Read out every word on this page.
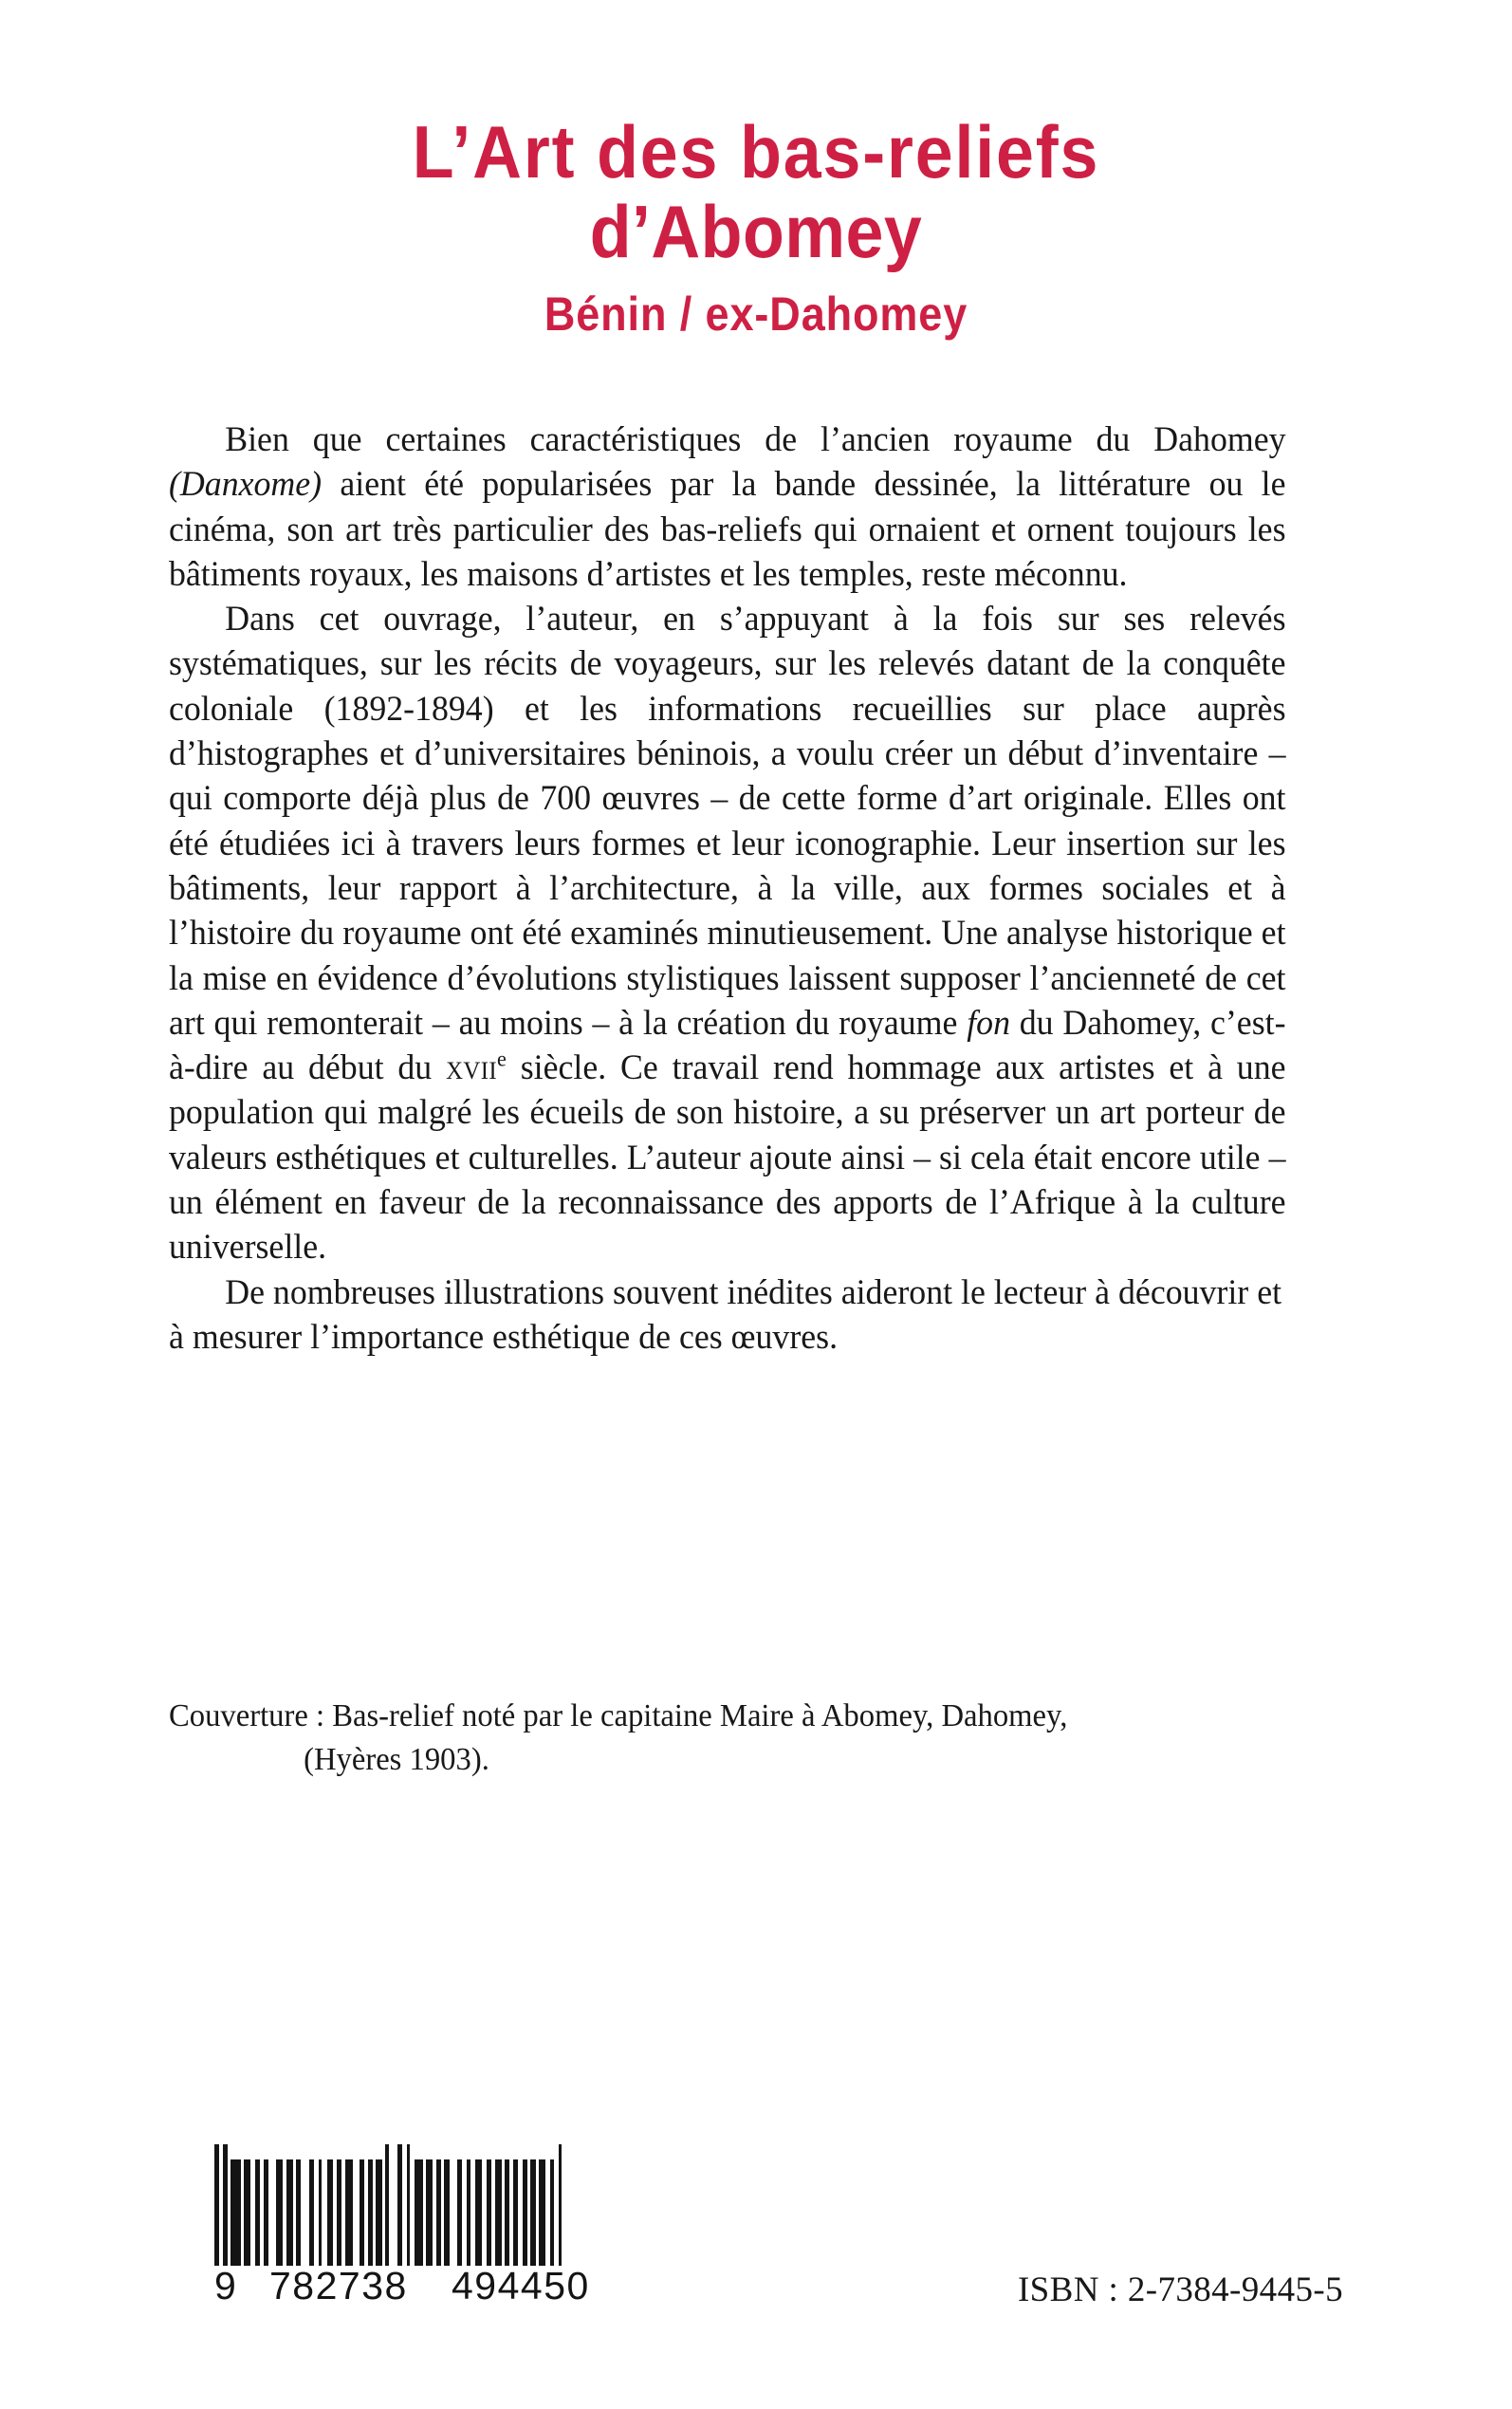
L’Art des bas-reliefs
d’Abomey
Bénin / ex-Dahomey

Bien que certaines caractéristiques de l’ancien royaume du Dahomey (Danxome) aient été popularisées par la bande dessinée, la littérature ou le cinéma, son art très particulier des bas-reliefs qui ornaient et ornent toujours les bâtiments royaux, les maisons d’artistes et les temples, reste méconnu.

Dans cet ouvrage, l’auteur, en s’appuyant à la fois sur ses relevés systématiques, sur les récits de voyageurs, sur les relevés datant de la conquête coloniale (1892-1894) et les informations recueillies sur place auprès d’histographes et d’universitaires béninois, a voulu créer un début d’inventaire – qui comporte déjà plus de 700 œuvres – de cette forme d’art originale. Elles ont été étudiées ici à travers leurs formes et leur iconographie. Leur insertion sur les bâtiments, leur rapport à l’architecture, à la ville, aux formes sociales et à l’histoire du royaume ont été examinés minutieusement. Une analyse historique et la mise en évidence d’évolutions stylistiques laissent supposer l’ancienneté de cet art qui remonterait – au moins – à la création du royaume fon du Dahomey, c’est-à-dire au début du xvii$^e$ siècle. Ce travail rend hommage aux artistes et à une population qui malgré les écueils de son histoire, a su préserver un art porteur de valeurs esthétiques et culturelles. L’auteur ajoute ainsi – si cela était encore utile – un élément en faveur de la reconnaissance des apports de l’Afrique à la culture universelle.

De nombreuses illustrations souvent inédites aideront le lecteur à découvrir et à mesurer l’importance esthétique de ces œuvres.

Couverture : Bas-relief noté par le capitaine Maire à Abomey, Dahomey,
(Hyères 1903).
9 782738 494450	ISBN : 2-7384-9445-5
